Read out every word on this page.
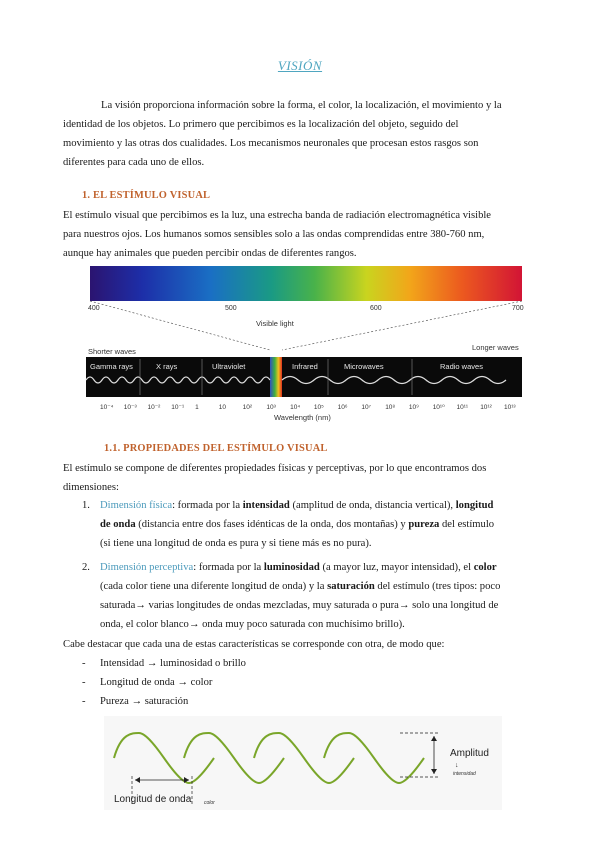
VISIÓN
La visión proporciona información sobre la forma, el color, la localización, el movimiento y la
identidad de los objetos. Lo primero que percibimos es la localización del objeto, seguido del
movimiento y las otras dos cualidades. Los mecanismos neuronales que procesan estos rasgos son
diferentes para cada uno de ellos.
1. EL ESTÍMULO VISUAL
El estímulo visual que percibimos es la luz, una estrecha banda de radiación electromagnética visible
para nuestros ojos. Los humanos somos sensibles solo a las ondas comprendidas entre 380-760 nm,
aunque hay animales que pueden percibir ondas de diferentes rangos.
400	500	600	700
Visible light
Shorter waves	Longer waves
Gamma rays	X rays	Ultraviolet	Infrared	Microwaves	Radio waves
10⁻⁴ 10⁻³ 10⁻² 10⁻¹ 1	10	10² 10³ 10⁴ 10⁵ 10⁶ 10⁷ 10⁸ 10⁹ 10¹⁰ 10¹¹ 10¹² 10¹³
Wavelength (nm)
1.1. PROPIEDADES DEL ESTÍMULO VISUAL
El estímulo se compone de diferentes propiedades físicas y perceptivas, por lo que encontramos dos
dimensiones:
1. Dimensión física: formada por la intensidad (amplitud de onda, distancia vertical), longitud
de onda (distancia entre dos fases idénticas de la onda, dos montañas) y pureza del estímulo
(si tiene una longitud de onda es pura y si tiene más es no pura).
2. Dimensión perceptiva: formada por la luminosidad (a mayor luz, mayor intensidad), el color
(cada color tiene una diferente longitud de onda) y la saturación del estímulo (tres tipos: poco
saturada→ varias longitudes de ondas mezcladas, muy saturada o pura→ solo una longitud de
onda, el color blanco→ onda muy poco saturada con muchísimo brillo).
Cabe destacar que cada una de estas características se corresponde con otra, de modo que:
- Intensidad → luminosidad o brillo
- Longitud de onda → color
- Pureza → saturación
Amplitud
↓
intensidad
Longitud de onda	color
